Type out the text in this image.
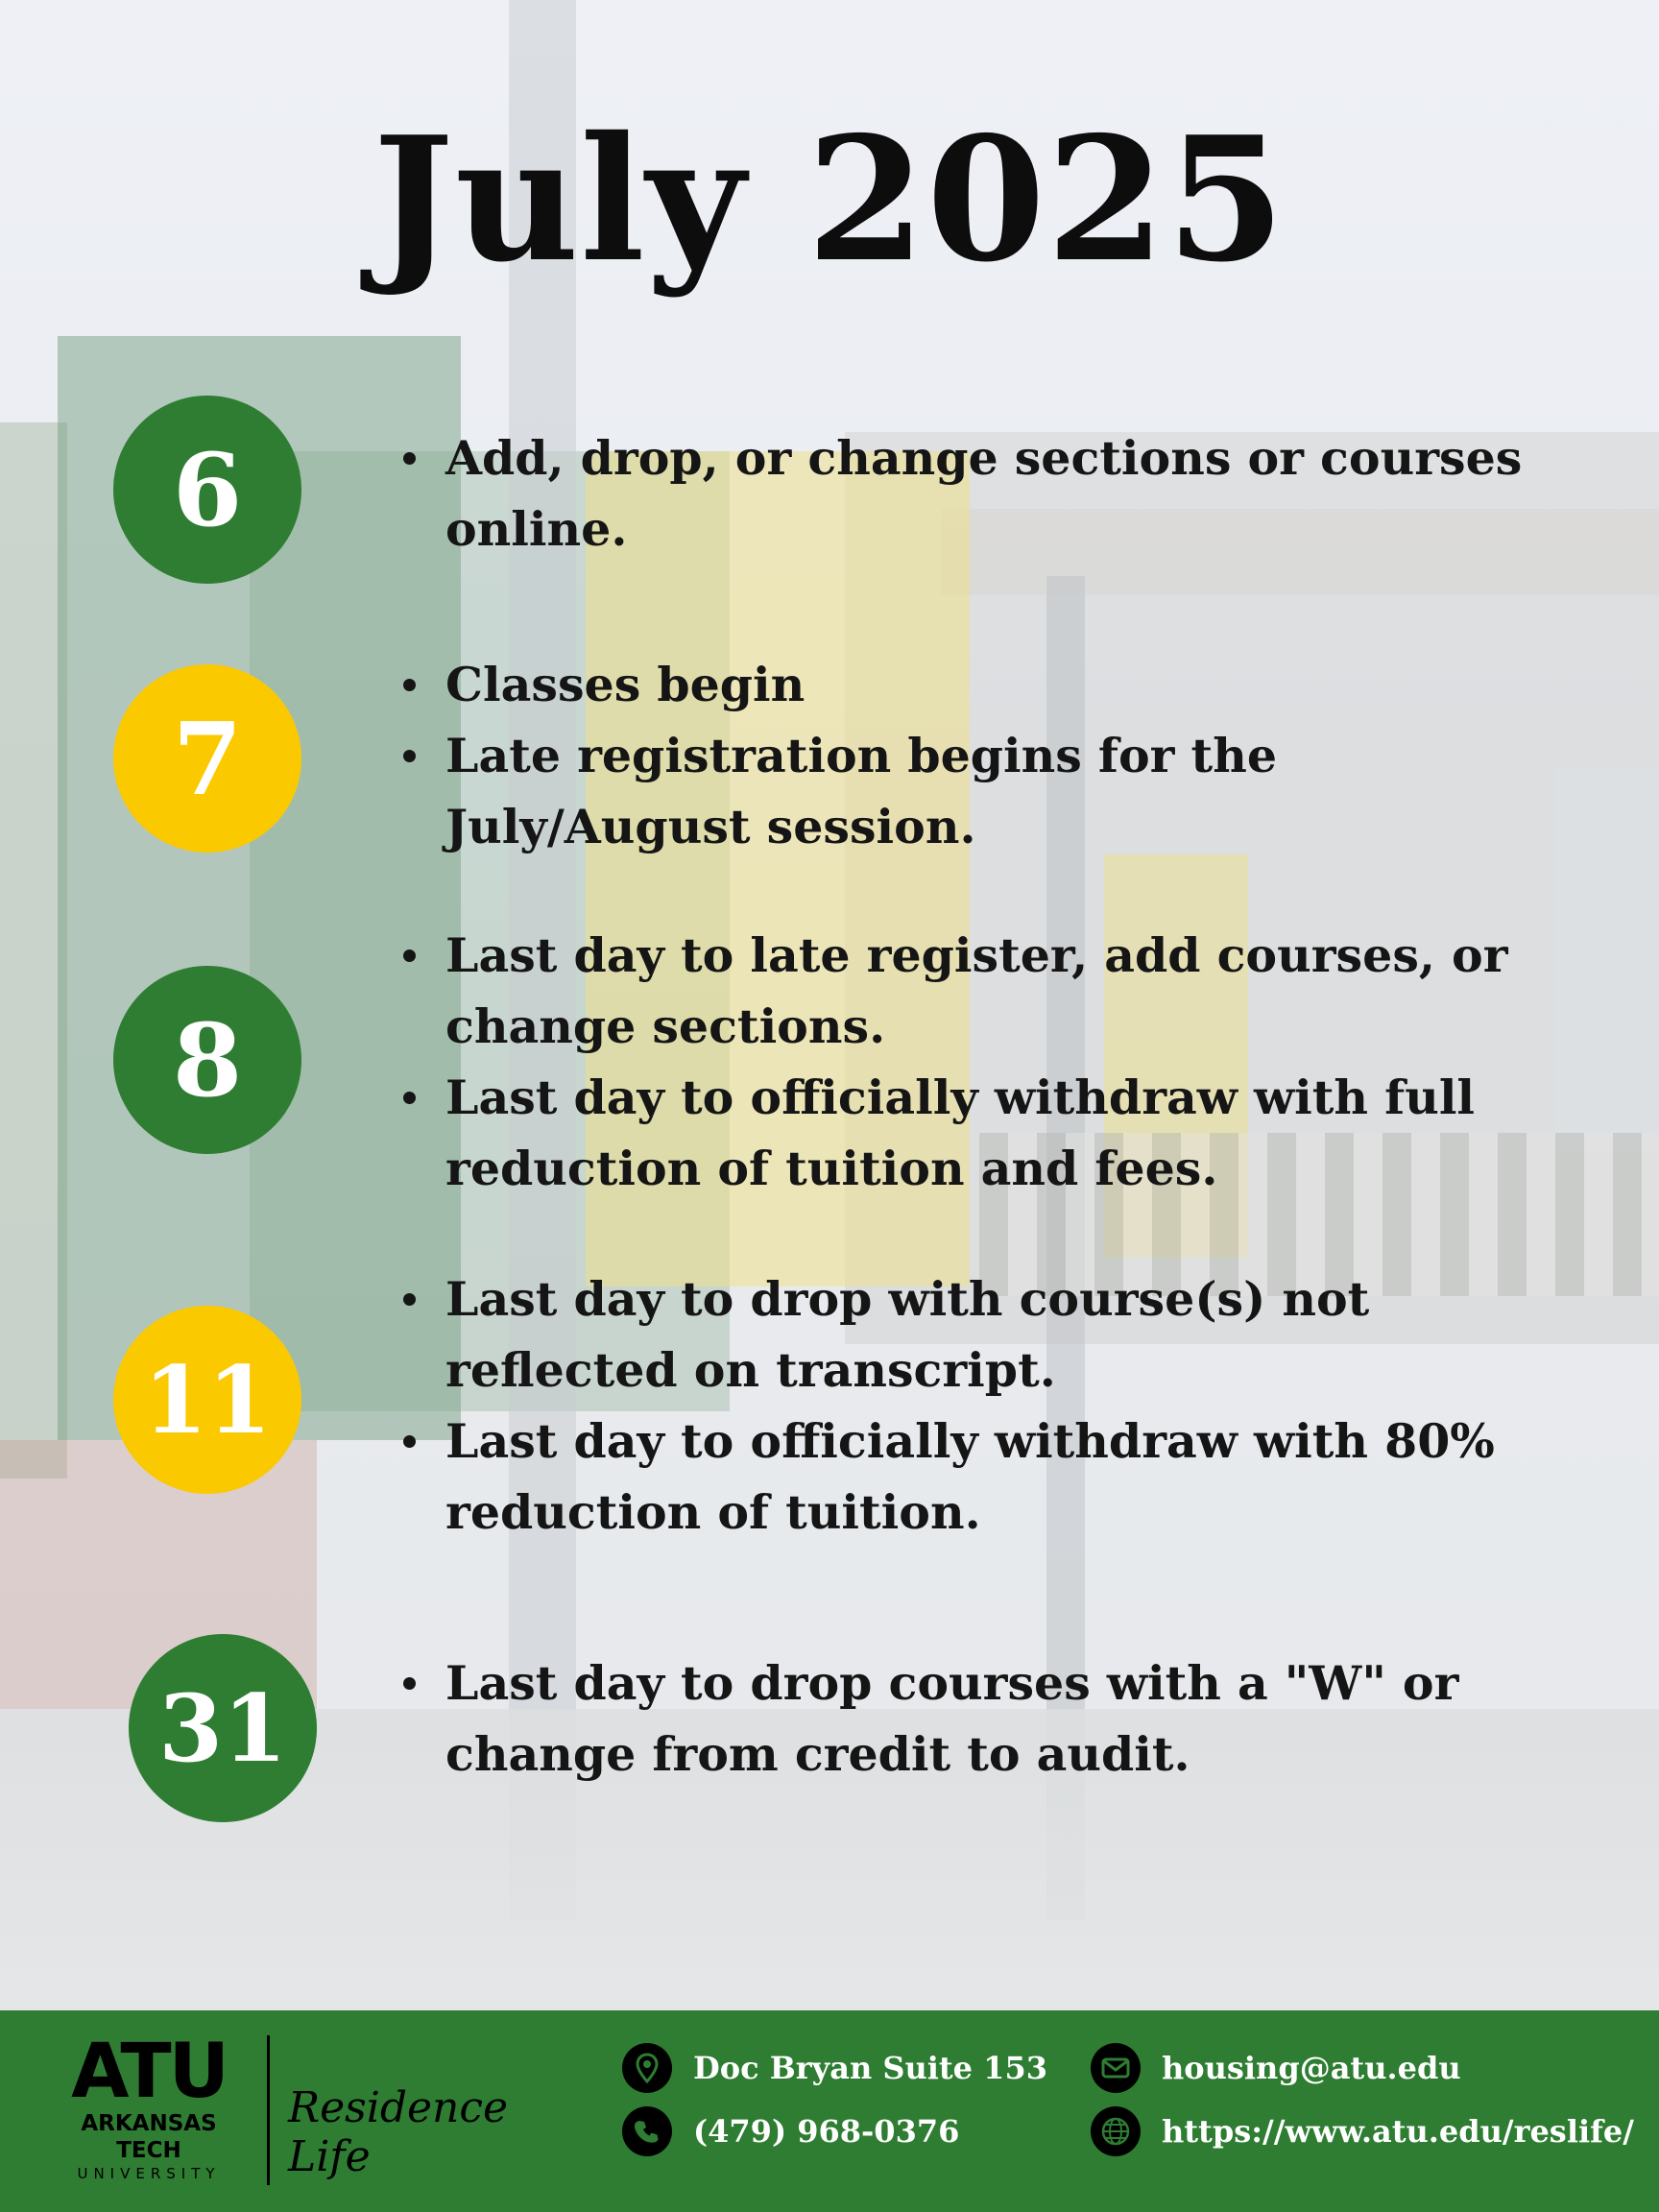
July 2025
6	Add, drop, or change sections or courses online.
7
Classes begin
Late registration begins for the July/August session.
8
Last day to late register, add courses, or change sections.
Last day to officially withdraw with full reduction of tuition and fees.
11
Last day to drop with course(s) not reflected on transcript.
Last day to officially withdraw with 80% reduction of tuition.
31	Last day to drop courses with a "W" or change from credit to audit.
ATU
ARKANSAS TECH
UNIVERSITY
Residence Life
Doc Bryan Suite 153
(479) 968-0376
housing@atu.edu
https://www.atu.edu/reslife/
